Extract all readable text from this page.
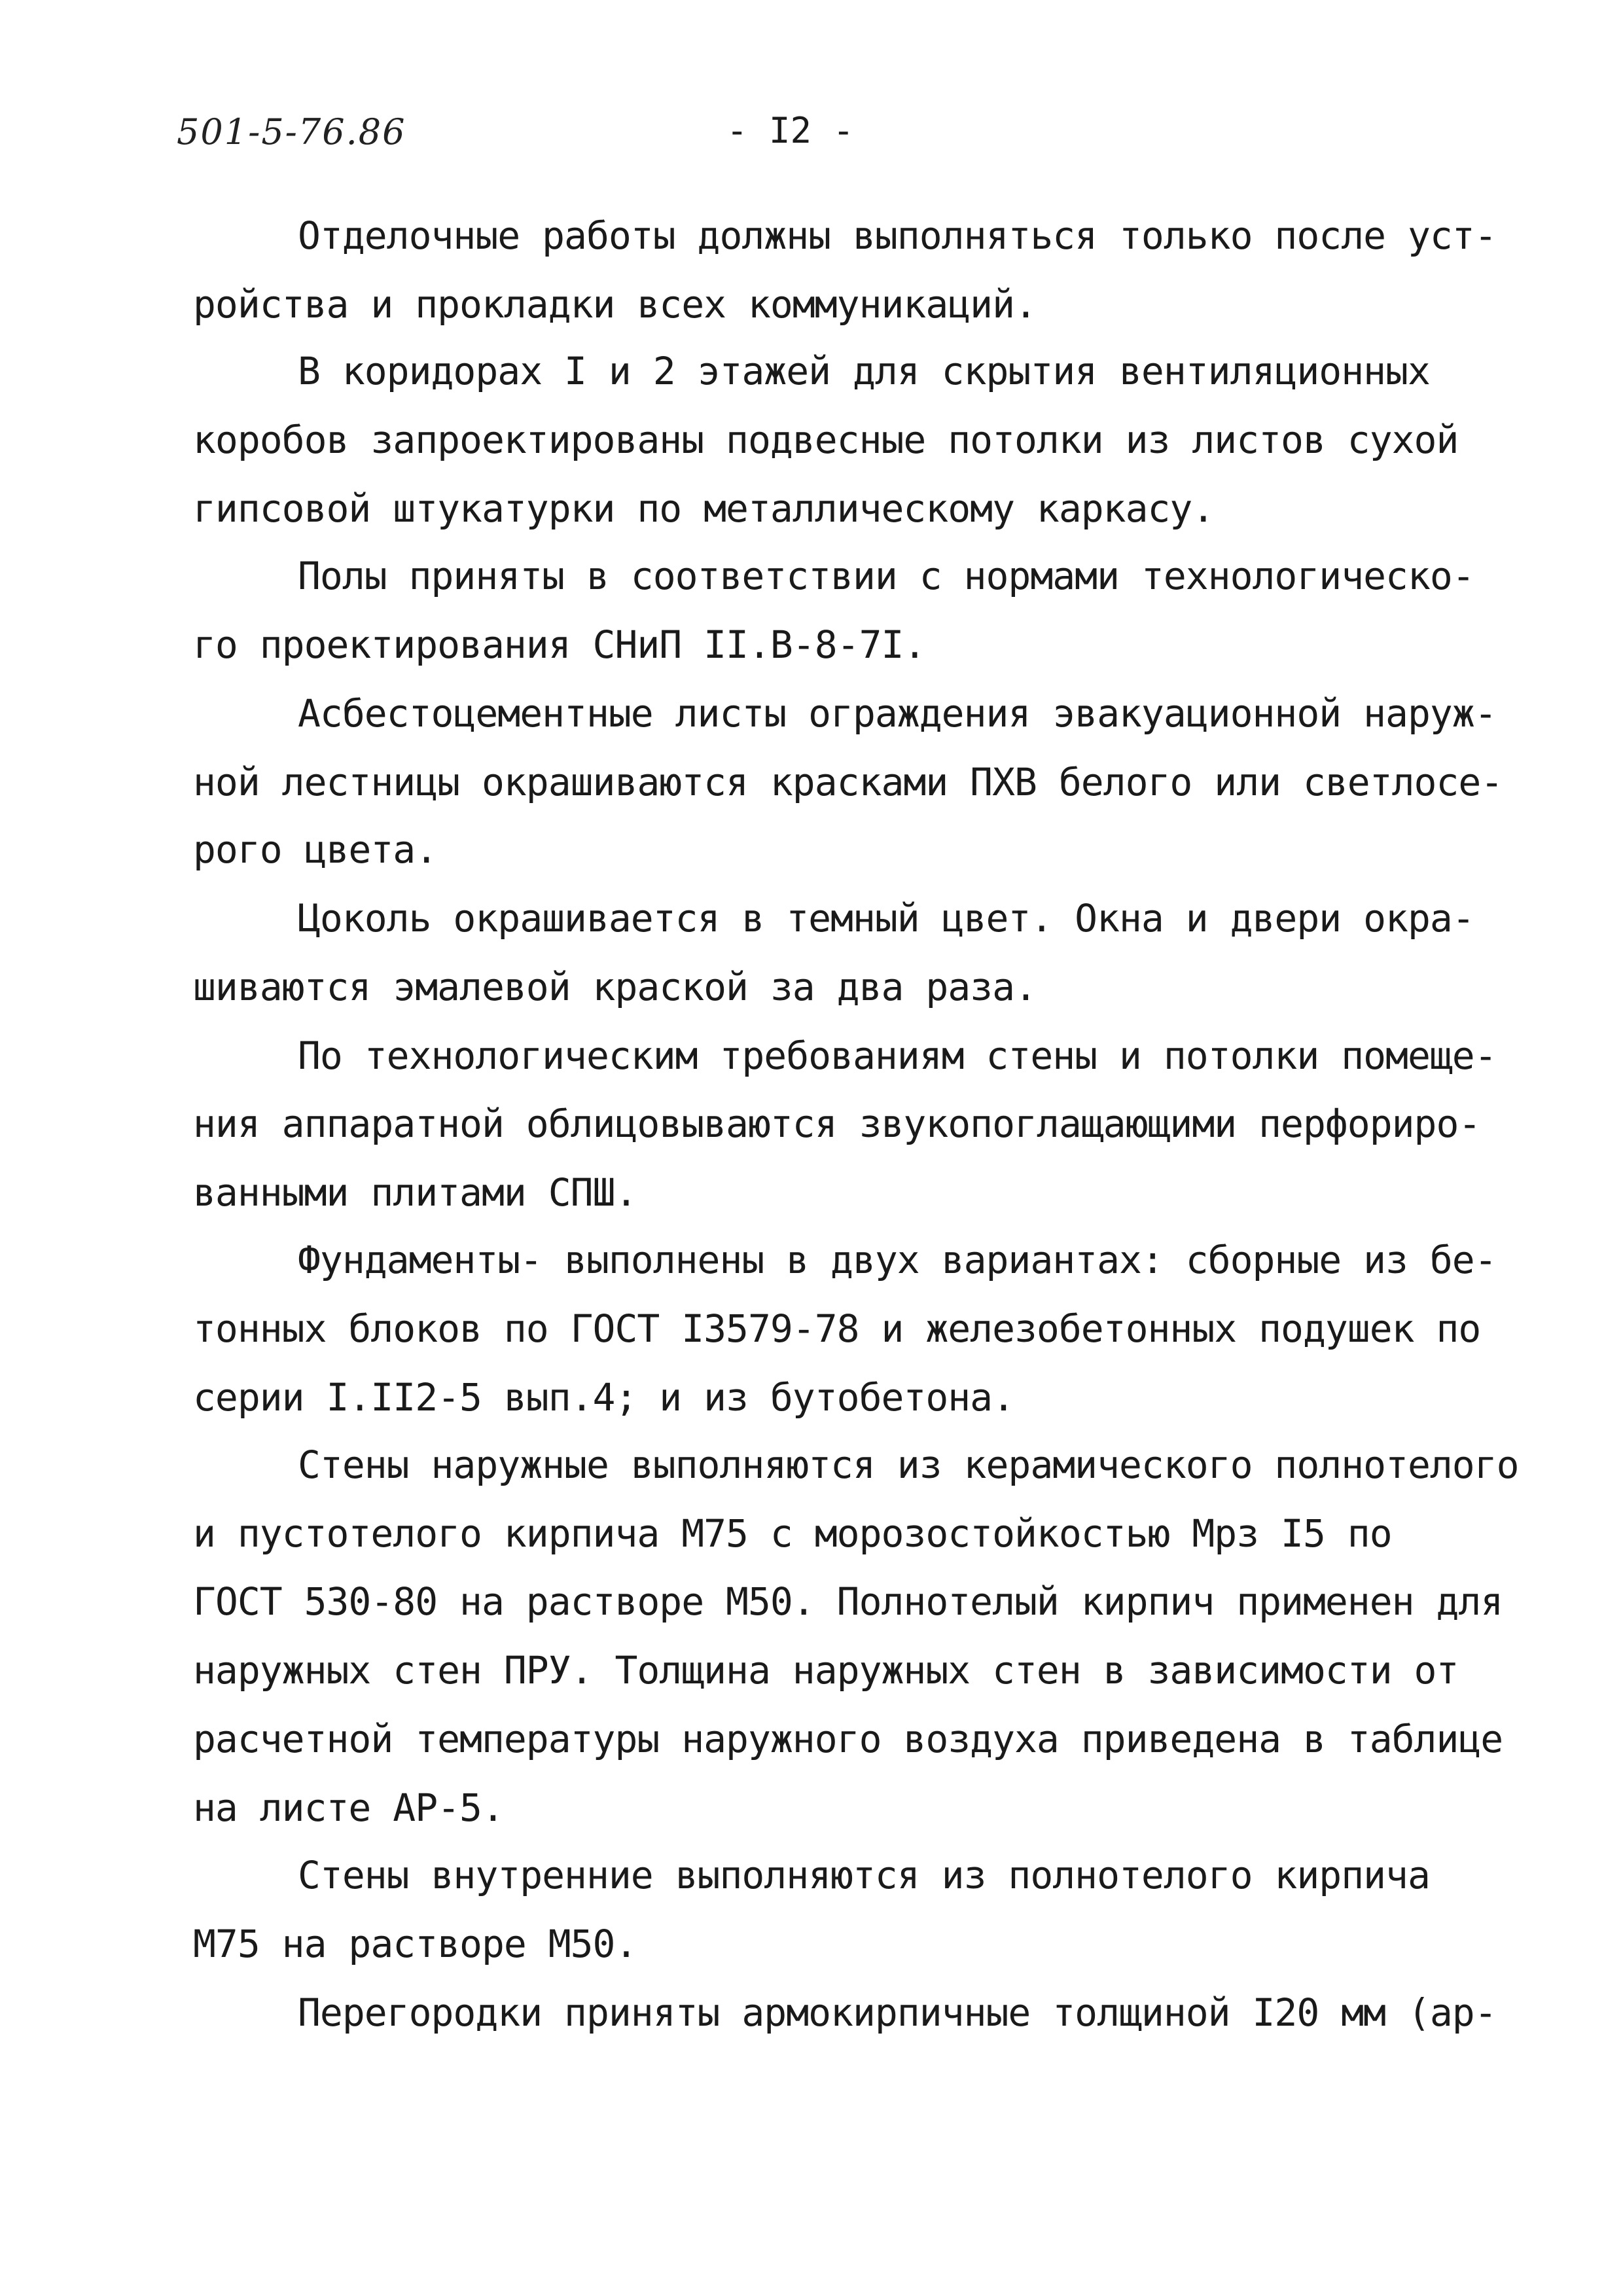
501-5-76.86	- I2 -
Отделочные работы должны выполняться только после уст-
ройства и прокладки всех коммуникаций.
В коридорах I и 2 этажей для скрытия вентиляционных
коробов запроектированы подвесные потолки из листов сухой
гипсовой штукатурки по металлическому каркасу.
Полы приняты в соответствии с нормами технологическо-
го проектирования СНиП II.B-8-7I.
Асбестоцементные листы ограждения эвакуационной наруж-
ной лестницы окрашиваются красками ПХВ белого или светлосе-
рого цвета.
Цоколь окрашивается в темный цвет. Окна и двери окра-
шиваются эмалевой краской за два раза.
По технологическим требованиям стены и потолки помеще-
ния аппаратной облицовываются звукопоглащающими перфориро-
ванными плитами СПШ.
Фундаменты- выполнены в двух вариантах: сборные из бе-
тонных блоков по ГОСТ I3579-78 и железобетонных подушек по
серии I.II2-5 вып.4; и из бутобетона.
Стены наружные выполняются из керамического полнотелого
и пустотелого кирпича М75 с морозостойкостью Мрз I5 по
ГОСТ 530-80 на растворе М50. Полнотелый кирпич применен для
наружных стен ПРУ. Толщина наружных стен в зависимости от
расчетной температуры наружного воздуха приведена в таблице
на листе АР-5.
Стены внутренние выполняются из полнотелого кирпича
М75 на растворе М50.
Перегородки приняты армокирпичные толщиной I20 мм (ар-
